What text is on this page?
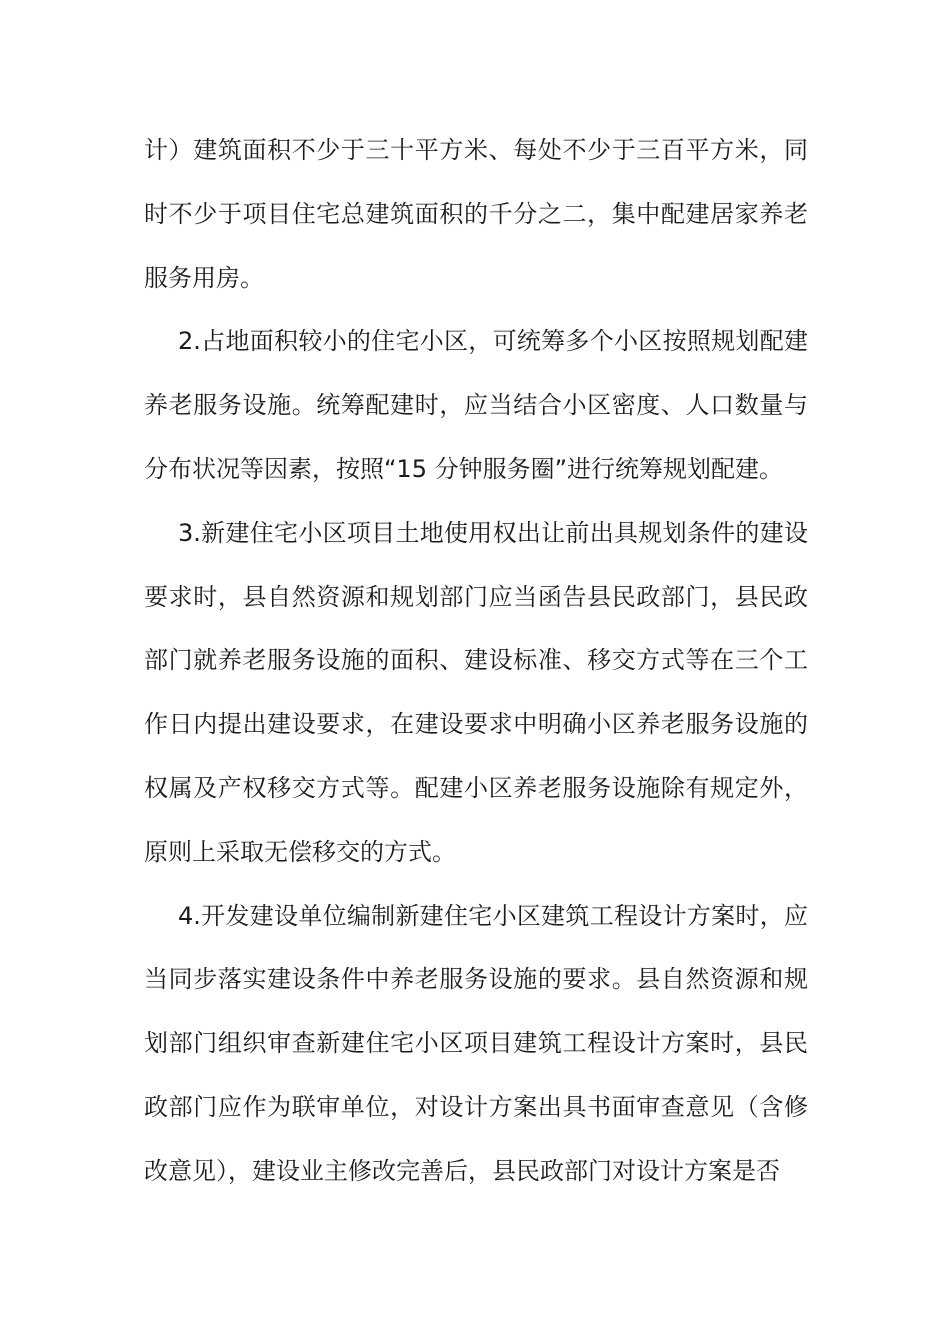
计）建筑面积不少于三十平方米、每处不少于三百平方米，同时不少于项目住宅总建筑面积的千分之二，集中配建居家养老服务用房。

2.占地面积较小的住宅小区，可统筹多个小区按照规划配建养老服务设施。统筹配建时，应当结合小区密度、人口数量与分布状况等因素，按照“15 分钟服务圈”进行统筹规划配建。

3.新建住宅小区项目土地使用权出让前出具规划条件的建设要求时，县自然资源和规划部门应当函告县民政部门，县民政部门就养老服务设施的面积、建设标准、移交方式等在三个工作日内提出建设要求，在建设要求中明确小区养老服务设施的权属及产权移交方式等。配建小区养老服务设施除有规定外，原则上采取无偿移交的方式。

4.开发建设单位编制新建住宅小区建筑工程设计方案时，应当同步落实建设条件中养老服务设施的要求。县自然资源和规划部门组织审查新建住宅小区项目建筑工程设计方案时，县民政部门应作为联审单位，对设计方案出具书面审查意见（含修改意见），建设业主修改完善后，县民政部门对设计方案是否
